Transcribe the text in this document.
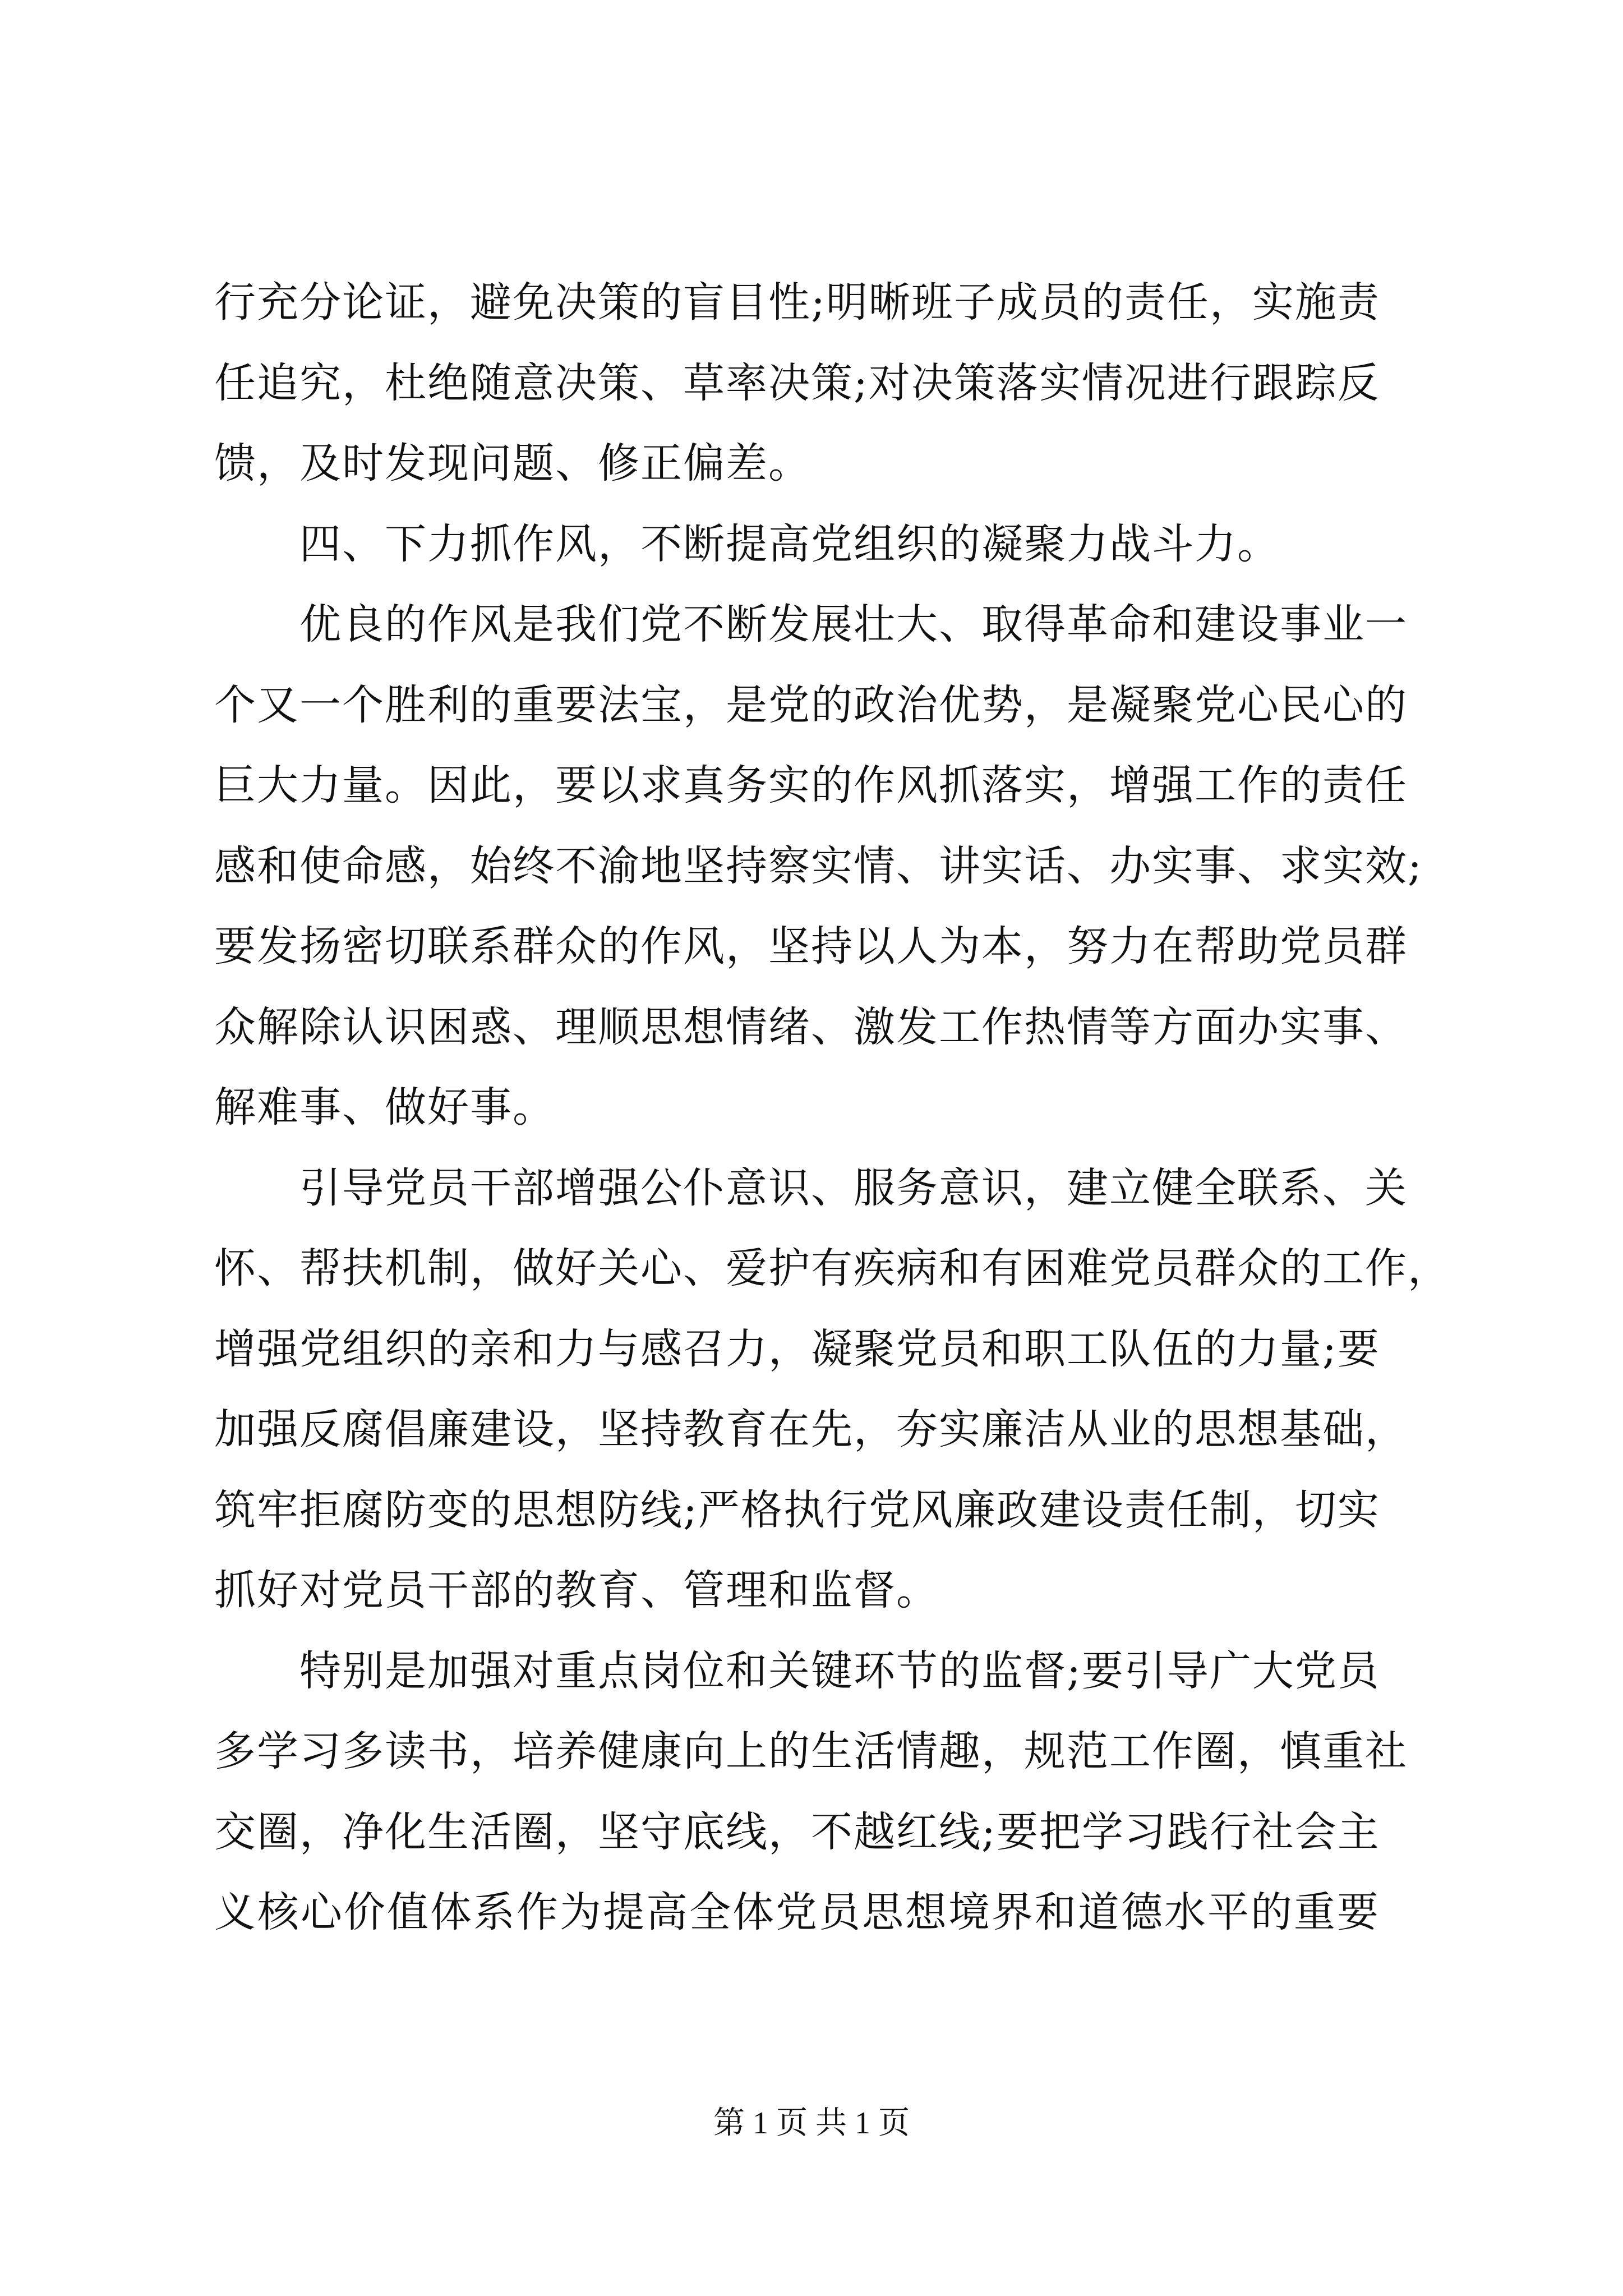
行充分论证，避免决策的盲目性;明晰班子成员的责任，实施责
任追究，杜绝随意决策、草率决策;对决策落实情况进行跟踪反
馈，及时发现问题、修正偏差。
　　四、下力抓作风，不断提高党组织的凝聚力战斗力。
　　优良的作风是我们党不断发展壮大、取得革命和建设事业一
个又一个胜利的重要法宝，是党的政治优势，是凝聚党心民心的
巨大力量。因此，要以求真务实的作风抓落实，增强工作的责任
感和使命感，始终不渝地坚持察实情、讲实话、办实事、求实效;
要发扬密切联系群众的作风，坚持以人为本，努力在帮助党员群
众解除认识困惑、理顺思想情绪、激发工作热情等方面办实事、
解难事、做好事。
　　引导党员干部增强公仆意识、服务意识，建立健全联系、关
怀、帮扶机制，做好关心、爱护有疾病和有困难党员群众的工作，
增强党组织的亲和力与感召力，凝聚党员和职工队伍的力量;要
加强反腐倡廉建设，坚持教育在先，夯实廉洁从业的思想基础，
筑牢拒腐防变的思想防线;严格执行党风廉政建设责任制，切实
抓好对党员干部的教育、管理和监督。
　　特别是加强对重点岗位和关键环节的监督;要引导广大党员
多学习多读书，培养健康向上的生活情趣，规范工作圈，慎重社
交圈，净化生活圈，坚守底线，不越红线;要把学习践行社会主
义核心价值体系作为提高全体党员思想境界和道德水平的重要
第 1 页 共 1 页
